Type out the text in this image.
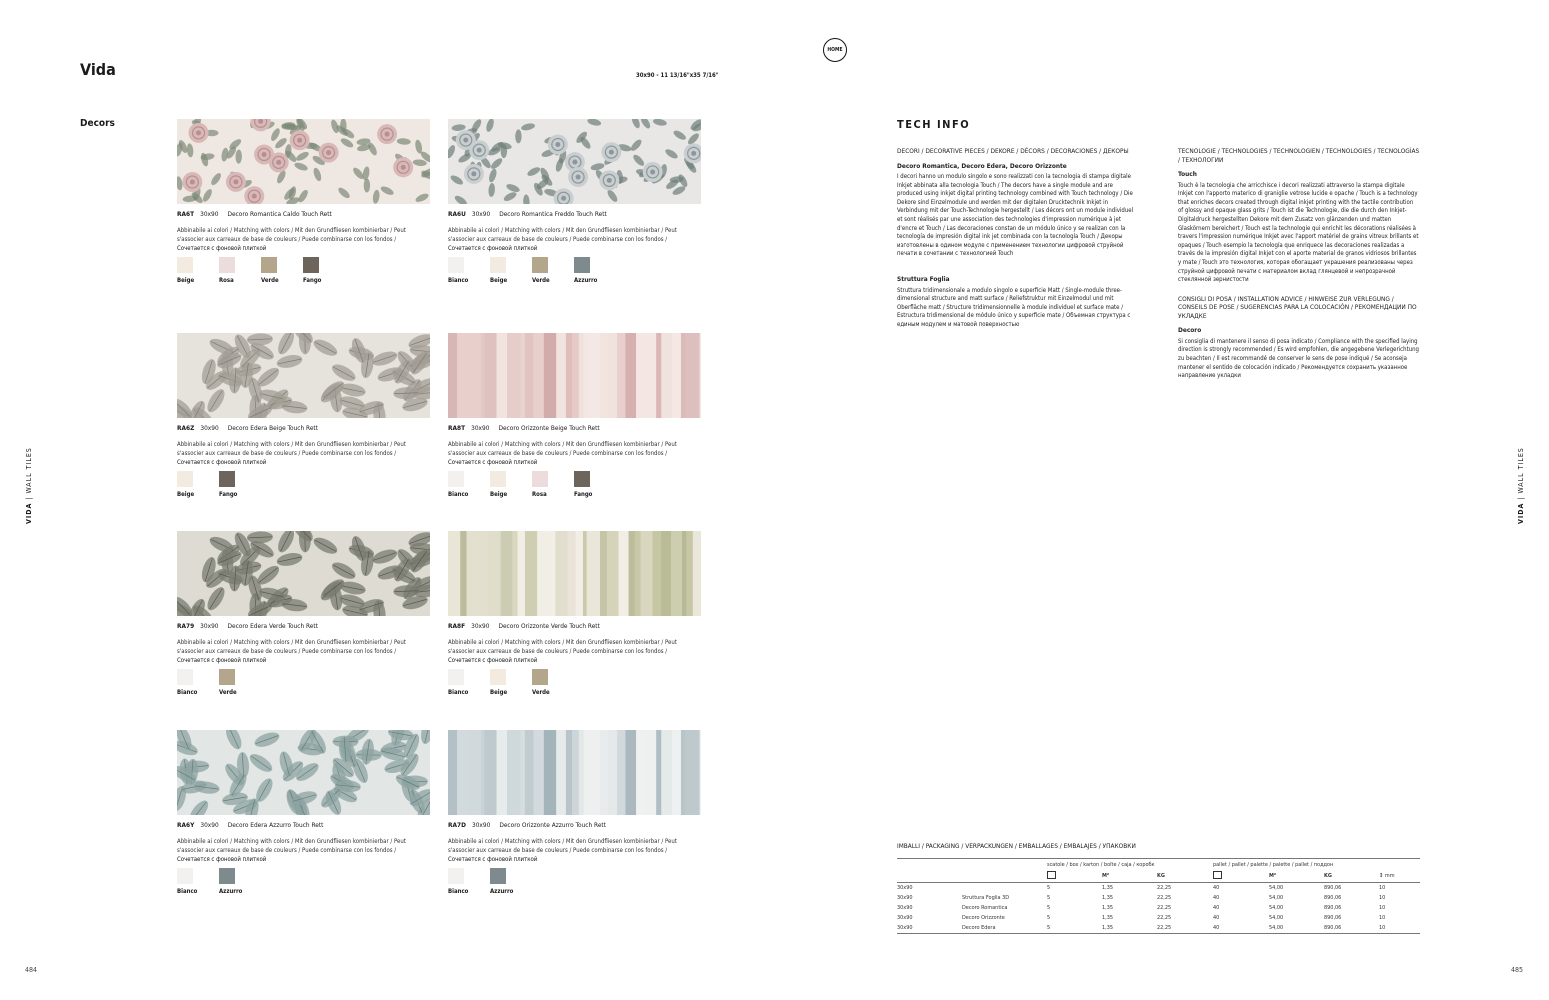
Vida	30x90 - 11 13/16"x35 7/16"
HOME
Decors
VIDA | WALL TILES
VIDA | WALL TILES
484	485
RA6T 30x90 Decoro Romantica Caldo Touch Rett
Abbinabile ai colori / Matching with colors / Mit den Grundfliesen kombinierbar / Peut s'associer aux carreaux de base de couleurs / Puede combinarse con los fondos / Сочетается с фоновой плиткой
Beige	Rosa	Verde	Fango
RA6U 30x90 Decoro Romantica Freddo Touch Rett
Abbinabile ai colori / Matching with colors / Mit den Grundfliesen kombinierbar / Peut s'associer aux carreaux de base de couleurs / Puede combinarse con los fondos / Сочетается с фоновой плиткой
Bianco	Beige	Verde	Azzurro
RA6Z 30x90 Decoro Edera Beige Touch Rett
Abbinabile ai colori / Matching with colors / Mit den Grundfliesen kombinierbar / Peut s'associer aux carreaux de base de couleurs / Puede combinarse con los fondos / Сочетается с фоновой плиткой
Beige	Fango
RA8T 30x90 Decoro Orizzonte Beige Touch Rett
Abbinabile ai colori / Matching with colors / Mit den Grundfliesen kombinierbar / Peut s'associer aux carreaux de base de couleurs / Puede combinarse con los fondos / Сочетается с фоновой плиткой
Bianco	Beige	Rosa	Fango
RA79 30x90 Decoro Edera Verde Touch Rett
Abbinabile ai colori / Matching with colors / Mit den Grundfliesen kombinierbar / Peut s'associer aux carreaux de base de couleurs / Puede combinarse con los fondos / Сочетается с фоновой плиткой
Bianco	Verde
RA8F 30x90 Decoro Orizzonte Verde Touch Rett
Abbinabile ai colori / Matching with colors / Mit den Grundfliesen kombinierbar / Peut s'associer aux carreaux de base de couleurs / Puede combinarse con los fondos / Сочетается с фоновой плиткой
Bianco	Beige	Verde
RA6Y 30x90 Decoro Edera Azzurro Touch Rett
Abbinabile ai colori / Matching with colors / Mit den Grundfliesen kombinierbar / Peut s'associer aux carreaux de base de couleurs / Puede combinarse con los fondos / Сочетается с фоновой плиткой
Bianco	Azzurro
RA7D 30x90 Decoro Orizzonte Azzurro Touch Rett
Abbinabile ai colori / Matching with colors / Mit den Grundfliesen kombinierbar / Peut s'associer aux carreaux de base de couleurs / Puede combinarse con los fondos / Сочетается с фоновой плиткой
Bianco	Azzurro
TECH INFO
DECORI / DECORATIVE PIECES / DEKORE / DÉCORS / DECORACIONES / ДЕКОРЫ
Decoro Romantica, Decoro Edera, Decoro Orizzonte

I decori hanno un modulo singolo e sono realizzati con la tecnologia di stampa digitale Inkjet abbinata alla tecnologia Touch / The decors have a single module and are produced using inkjet digital printing technology combined with Touch technology / Die Dekore sind Einzelmodule und werden mit der digitalen Drucktechnik Inkjet in Verbindung mit der Touch-Technologie hergestellt / Les décors ont un module individuel et sont réalisés par une association des technologies d'impression numérique à jet d'encre et Touch / Las decoraciones constan de un módulo único y se realizan con la tecnología de impresión digital ink jet combinada con la tecnología Touch / Декоры изготовлены в одином модуле с применением технологии цифровой струйной печати в сочетании с технологией Touch

Struttura Foglia

Struttura tridimensionale a modulo singolo e superficie Matt / Single-module three-dimensional structure and matt surface / Reliefstruktur mit Einzelmodul und mit Oberfläche matt / Structure tridimensionnelle à module individuel et surface mate / Estructura tridimensional de módulo único y superficie mate / Объемная структура с единым модулем и матовой поверхностью

TECNOLOGIE / TECHNOLOGIES / TECHNOLOGIEN / TECHNOLOGIES / TECNOLOGÍAS / ТЕХНОЛОГИИ
Touch

Touch è la tecnologia che arricchisce i decori realizzati attraverso la stampa digitale Inkjet con l'apporto materico di graniglie vetrose lucide e opache / Touch is a technology that enriches decors created through digital inkjet printing with the tactile contribution of glossy and opaque glass grits / Touch ist die Technologie, die die durch den Inkjet-Digitaldruck hergestellten Dekore mit dem Zusatz von glänzenden und matten Glaskörnern bereichert / Touch est la technologie qui enrichit les décorations réalisées à travers l'impression numérique Inkjet avec l'apport matériel de grains vitreux brillants et opaques / Touch esempio la tecnología que enriquece las decoraciones realizadas a través de la impresión digital Inkjet con el aporte material de granos vidriosos brillantes y mate / Touch это технология, которая обогащает украшения реализованы через струйной цифровой печати с материалом вклад глянцевой и непрозрачной стеклянной зернистости

CONSIGLI DI POSA / INSTALLATION ADVICE / HINWEISE ZUR VERLEGUNG / CONSEILS DE POSE / SUGERENCIAS PARA LA COLOCACIÓN / РЕКОМЕНДАЦИИ ПО УКЛАДКЕ
Decoro

Si consiglia di mantenere il senso di posa indicato / Compliance with the specified laying direction is strongly recommended / Es wird empfohlen, die angegebene Verlegerichtung zu beachten / Il est recommandé de conserver le sens de pose indiqué / Se aconseja mantener el sentido de colocación indicado / Рекомендуется сохранить указанное направление укладки

IMBALLI / PACKAGING / VERPACKUNGEN / EMBALLAGES / EMBALAJES / УПАКОВКИ
		scatole / box / karton / boîte / caja / коробк			pallet / pallet / palette / palette / pallet / поддон			
			M²	KG		M²	KG	↕ mm
30x90		5	1,35	22,25	40	54,00	890,06	10
30x90	Struttura Foglia 3D	5	1,35	22,25	40	54,00	890,06	10
30x90	Decoro Romantica	5	1,35	22,25	40	54,00	890,06	10
30x90	Decoro Orizzonte	5	1,35	22,25	40	54,00	890,06	10
30x90	Decoro Edera	5	1,35	22,25	40	54,00	890,06	10
